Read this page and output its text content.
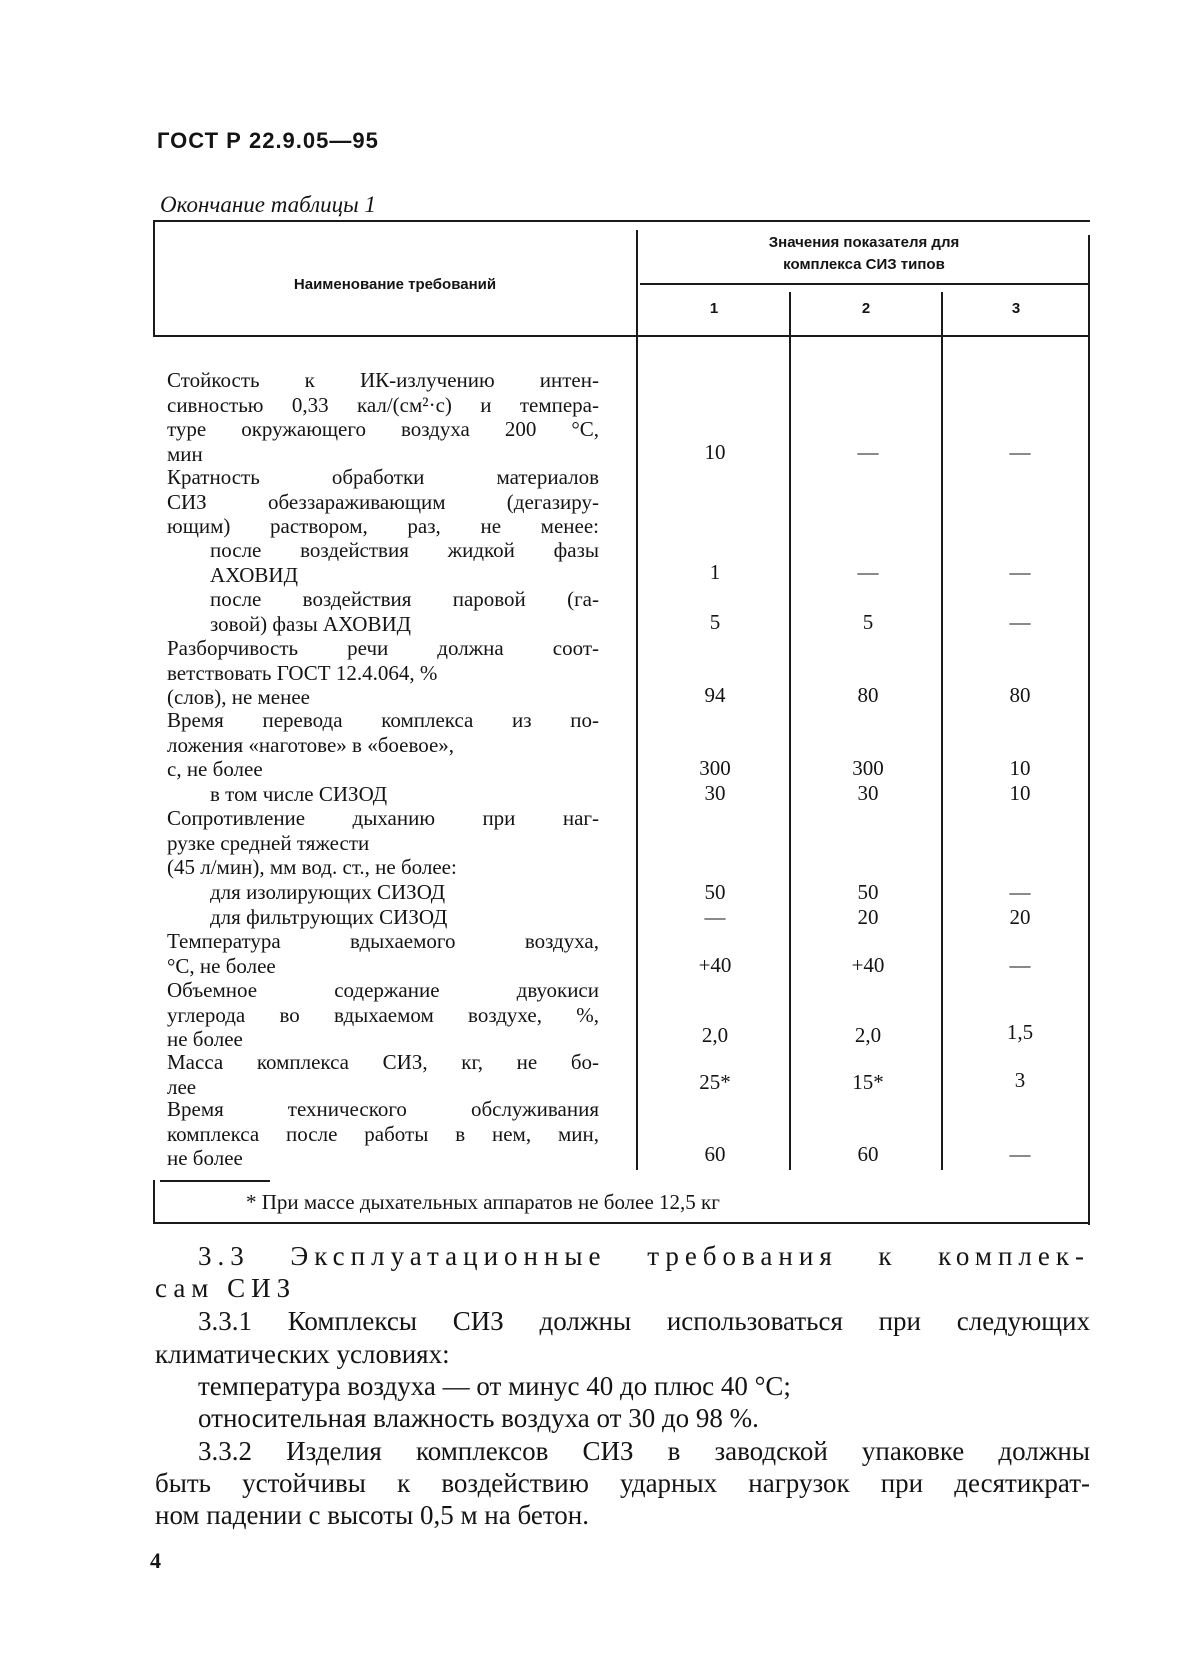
ГОСТ Р 22.9.05—95
Окончание таблицы 1
Наименование требований
Значения показателя для
комплекса СИЗ типов
1	2	3
Стойкость к ИК-излучению интен-
сивностью 0,33 кал/(см²·с) и темпера-
туре окружающего воздуха 200 °С,
мин	10	—	—
Кратность обработки материалов
СИЗ обеззараживающим (дегазиру-
ющим) раствором, раз, не менее:
после воздействия жидкой фазы
АХОВИД	1	—	—
после воздействия паровой (га-
зовой) фазы АХОВИД	5	5	—
Разборчивость речи должна соот-
ветствовать ГОСТ 12.4.064, %
(слов), не менее	94	80	80
Время перевода комплекса из по-
ложения «наготове» в «боевое»,
с, не более	300	300	10
в том числе СИЗОД	30	30	10
Сопротивление дыханию при наг-
рузке средней тяжести
(45 л/мин), мм вод. ст., не более:
для изолирующих СИЗОД	50	50	—
для фильтрующих СИЗОД	—	20	20
Температура вдыхаемого воздуха,
°С, не более	+40	+40	—
Объемное содержание двуокиси
углерода во вдыхаемом воздухе, %,
не более	2,0	2,0	1,5
Масса комплекса СИЗ, кг, не бо-
лее	25*	15*	3
Время технического обслуживания
комплекса после работы в нем, мин,
не более	60	60	—
* При массе дыхательных аппаратов не более 12,5 кг
3.3 Эксплуатационные требования к комплек-
сам СИЗ
3.3.1 Комплексы СИЗ должны использоваться при следующих
климатических условиях:
температура воздуха — от минус 40 до плюс 40 °С;
относительная влажность воздуха от 30 до 98 %.
3.3.2 Изделия комплексов СИЗ в заводской упаковке должны
быть устойчивы к воздействию ударных нагрузок при десятикрат-
ном падении с высоты 0,5 м на бетон.
4
